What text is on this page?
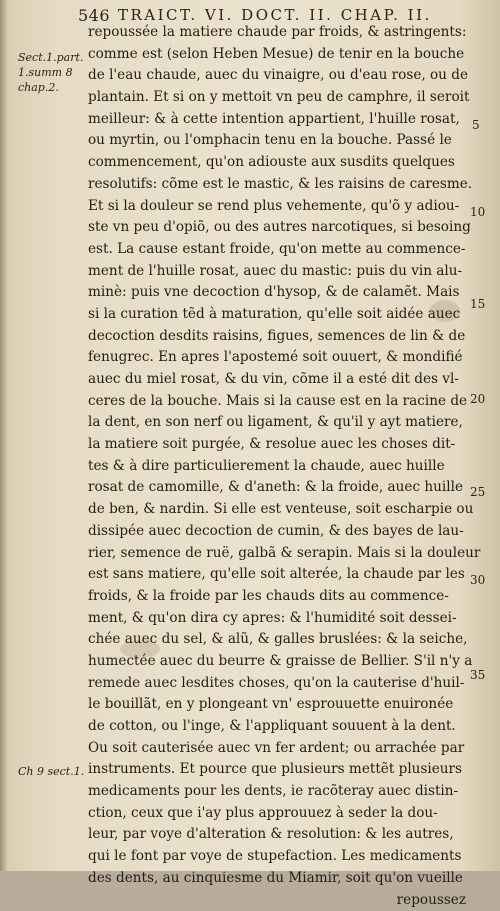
546 TRAICT. VI. DOCT. II. CHAP. II.
Sect.1.part.
1.summ 8
chap.2.
Ch 9 sect.1.
5
10
15
20
25
30
35
repoussée la matiere chaude par froids, & astringents:
comme est (selon Heben Mesue) de tenir en la bouche
de l'eau chaude, auec du vinaigre, ou d'eau rose, ou de
plantain. Et si on y mettoit vn peu de camphre, il seroit
meilleur: & à cette intention appartient, l'huille rosat,
ou myrtin, ou l'omphacin tenu en la bouche. Passé le
commencement, qu'on adiouste aux susdits quelques
resolutifs: cõme est le mastic, & les raisins de caresme.
Et si la douleur se rend plus vehemente, qu'õ y adiou-
ste vn peu d'opiõ, ou des autres narcotiques, si besoing
est. La cause estant froide, qu'on mette au commence-
ment de l'huille rosat, auec du mastic: puis du vin alu-
minè: puis vne decoction d'hysop, & de calamẽt. Mais
si la curation tẽd à maturation, qu'elle soit aidée auec
decoction desdits raisins, figues, semences de lin & de
fenugrec. En apres l'apostemé soit ouuert, & mondifié
auec du miel rosat, & du vin, cõme il a esté dit des vl-
ceres de la bouche. Mais si la cause est en la racine de
la dent, en son nerf ou ligament, & qu'il y ayt matiere,
la matiere soit purgée, & resolue auec les choses dit-
tes & à dire particulierement la chaude, auec huille
rosat de camomille, & d'aneth: & la froide, auec huille
de ben, & nardin. Si elle est venteuse, soit escharpie ou
dissipée auec decoction de cumin, & des bayes de lau-
rier, semence de ruë, galbã & serapin. Mais si la douleur
est sans matiere, qu'elle soit alterée, la chaude par les
froids, & la froide par les chauds dits au commence-
ment, & qu'on dira cy apres: & l'humidité soit dessei-
chée auec du sel, & alũ, & galles bruslées: & la seiche,
humectée auec du beurre & graisse de Bellier. S'il n'y a
remede auec lesdites choses, qu'on la cauterise d'huil-
le bouillãt, en y plongeant vn' esprouuette enuironée
de cotton, ou l'inge, & l'appliquant souuent à la dent.
Ou soit cauterisée auec vn fer ardent; ou arrachée par
instruments. Et pource que plusieurs mettẽt plusieurs
medicaments pour les dents, ie racõteray auec distin-
ction, ceux que i'ay plus approuuez à seder la dou-
leur, par voye d'alteration & resolution: & les autres,
qui le font par voye de stupefaction. Les medicaments
des dents, au cinquiesme du Miamir, soit qu'on vueille
repoussez
